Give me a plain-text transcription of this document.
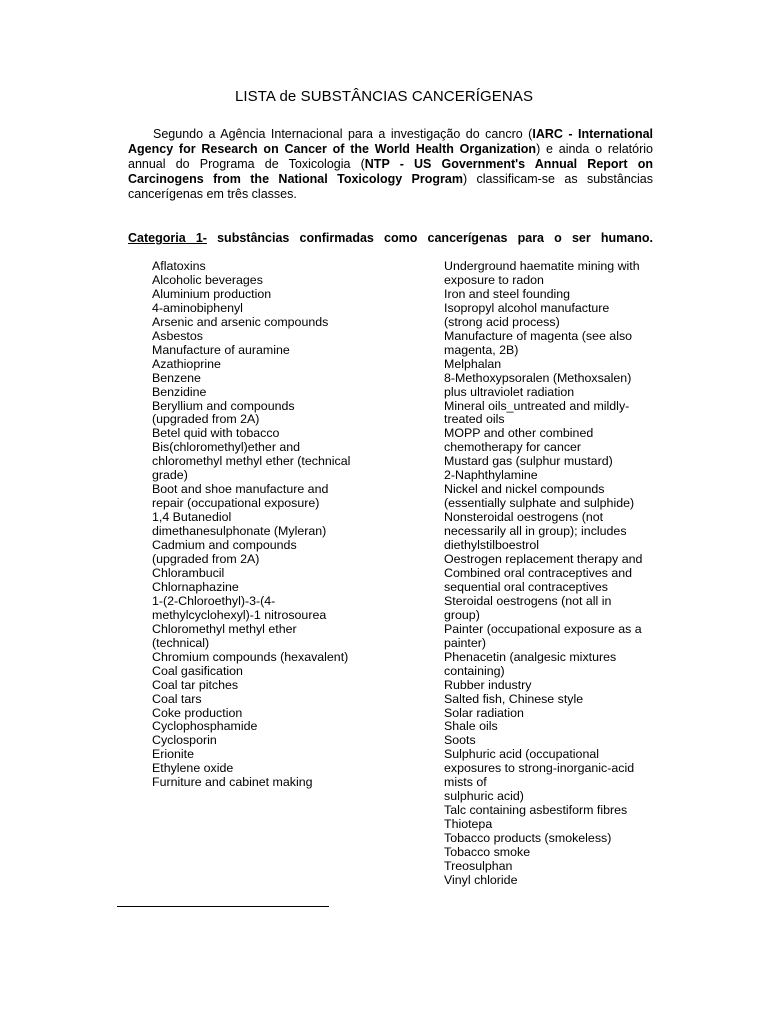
LISTA de SUBSTÂNCIAS CANCERÍGENAS
Segundo a Agência Internacional para a investigação do cancro (IARC - International Agency for Research on Cancer of the World Health Organization) e ainda o relatório annual do Programa de Toxicologia (NTP - US Government's Annual Report on Carcinogens from the National Toxicology Program) classificam-se as substâncias cancerígenas em três classes.
Categoria 1- substâncias confirmadas como cancerígenas para o ser humano.
Aflatoxins
Alcoholic beverages
Aluminium production
4-aminobiphenyl
Arsenic and arsenic compounds
Asbestos
Manufacture of auramine
Azathioprine
Benzene
Benzidine
Beryllium and compounds
(upgraded from 2A)
Betel quid with tobacco
Bis(chloromethyl)ether and
chloromethyl methyl ether (technical
grade)
Boot and shoe manufacture and
repair (occupational exposure)
1,4 Butanediol
dimethanesulphonate (Myleran)
Cadmium and compounds
(upgraded from 2A)
Chlorambucil
Chlornaphazine
1-(2-Chloroethyl)-3-(4-
methylcyclohexyl)-1 nitrosourea
Chloromethyl methyl ether
(technical)
Chromium compounds (hexavalent)
Coal gasification
Coal tar pitches
Coal tars
Coke production
Cyclophosphamide
Cyclosporin
Erionite
Ethylene oxide
Furniture and cabinet making
Underground haematite mining with
exposure to radon
Iron and steel founding
Isopropyl alcohol manufacture
(strong acid process)
Manufacture of magenta (see also
magenta, 2B)
Melphalan
8-Methoxypsoralen (Methoxsalen)
plus ultraviolet radiation
Mineral oils_untreated and mildly-
treated oils
MOPP and other combined
chemotherapy for cancer
Mustard gas (sulphur mustard)
2-Naphthylamine
Nickel and nickel compounds
(essentially sulphate and sulphide)
Nonsteroidal oestrogens (not
necessarily all in group); includes
diethylstilboestrol
Oestrogen replacement therapy and
Combined oral contraceptives and
sequential oral contraceptives
Steroidal oestrogens (not all in
group)
Painter (occupational exposure as a
painter)
Phenacetin (analgesic mixtures
containing)
Rubber industry
Salted fish, Chinese style
Solar radiation
Shale oils
Soots
Sulphuric acid (occupational
exposures to strong-inorganic-acid
mists of
sulphuric acid)
Talc containing asbestiform fibres
Thiotepa
Tobacco products (smokeless)
Tobacco smoke
Treosulphan
Vinyl chloride
